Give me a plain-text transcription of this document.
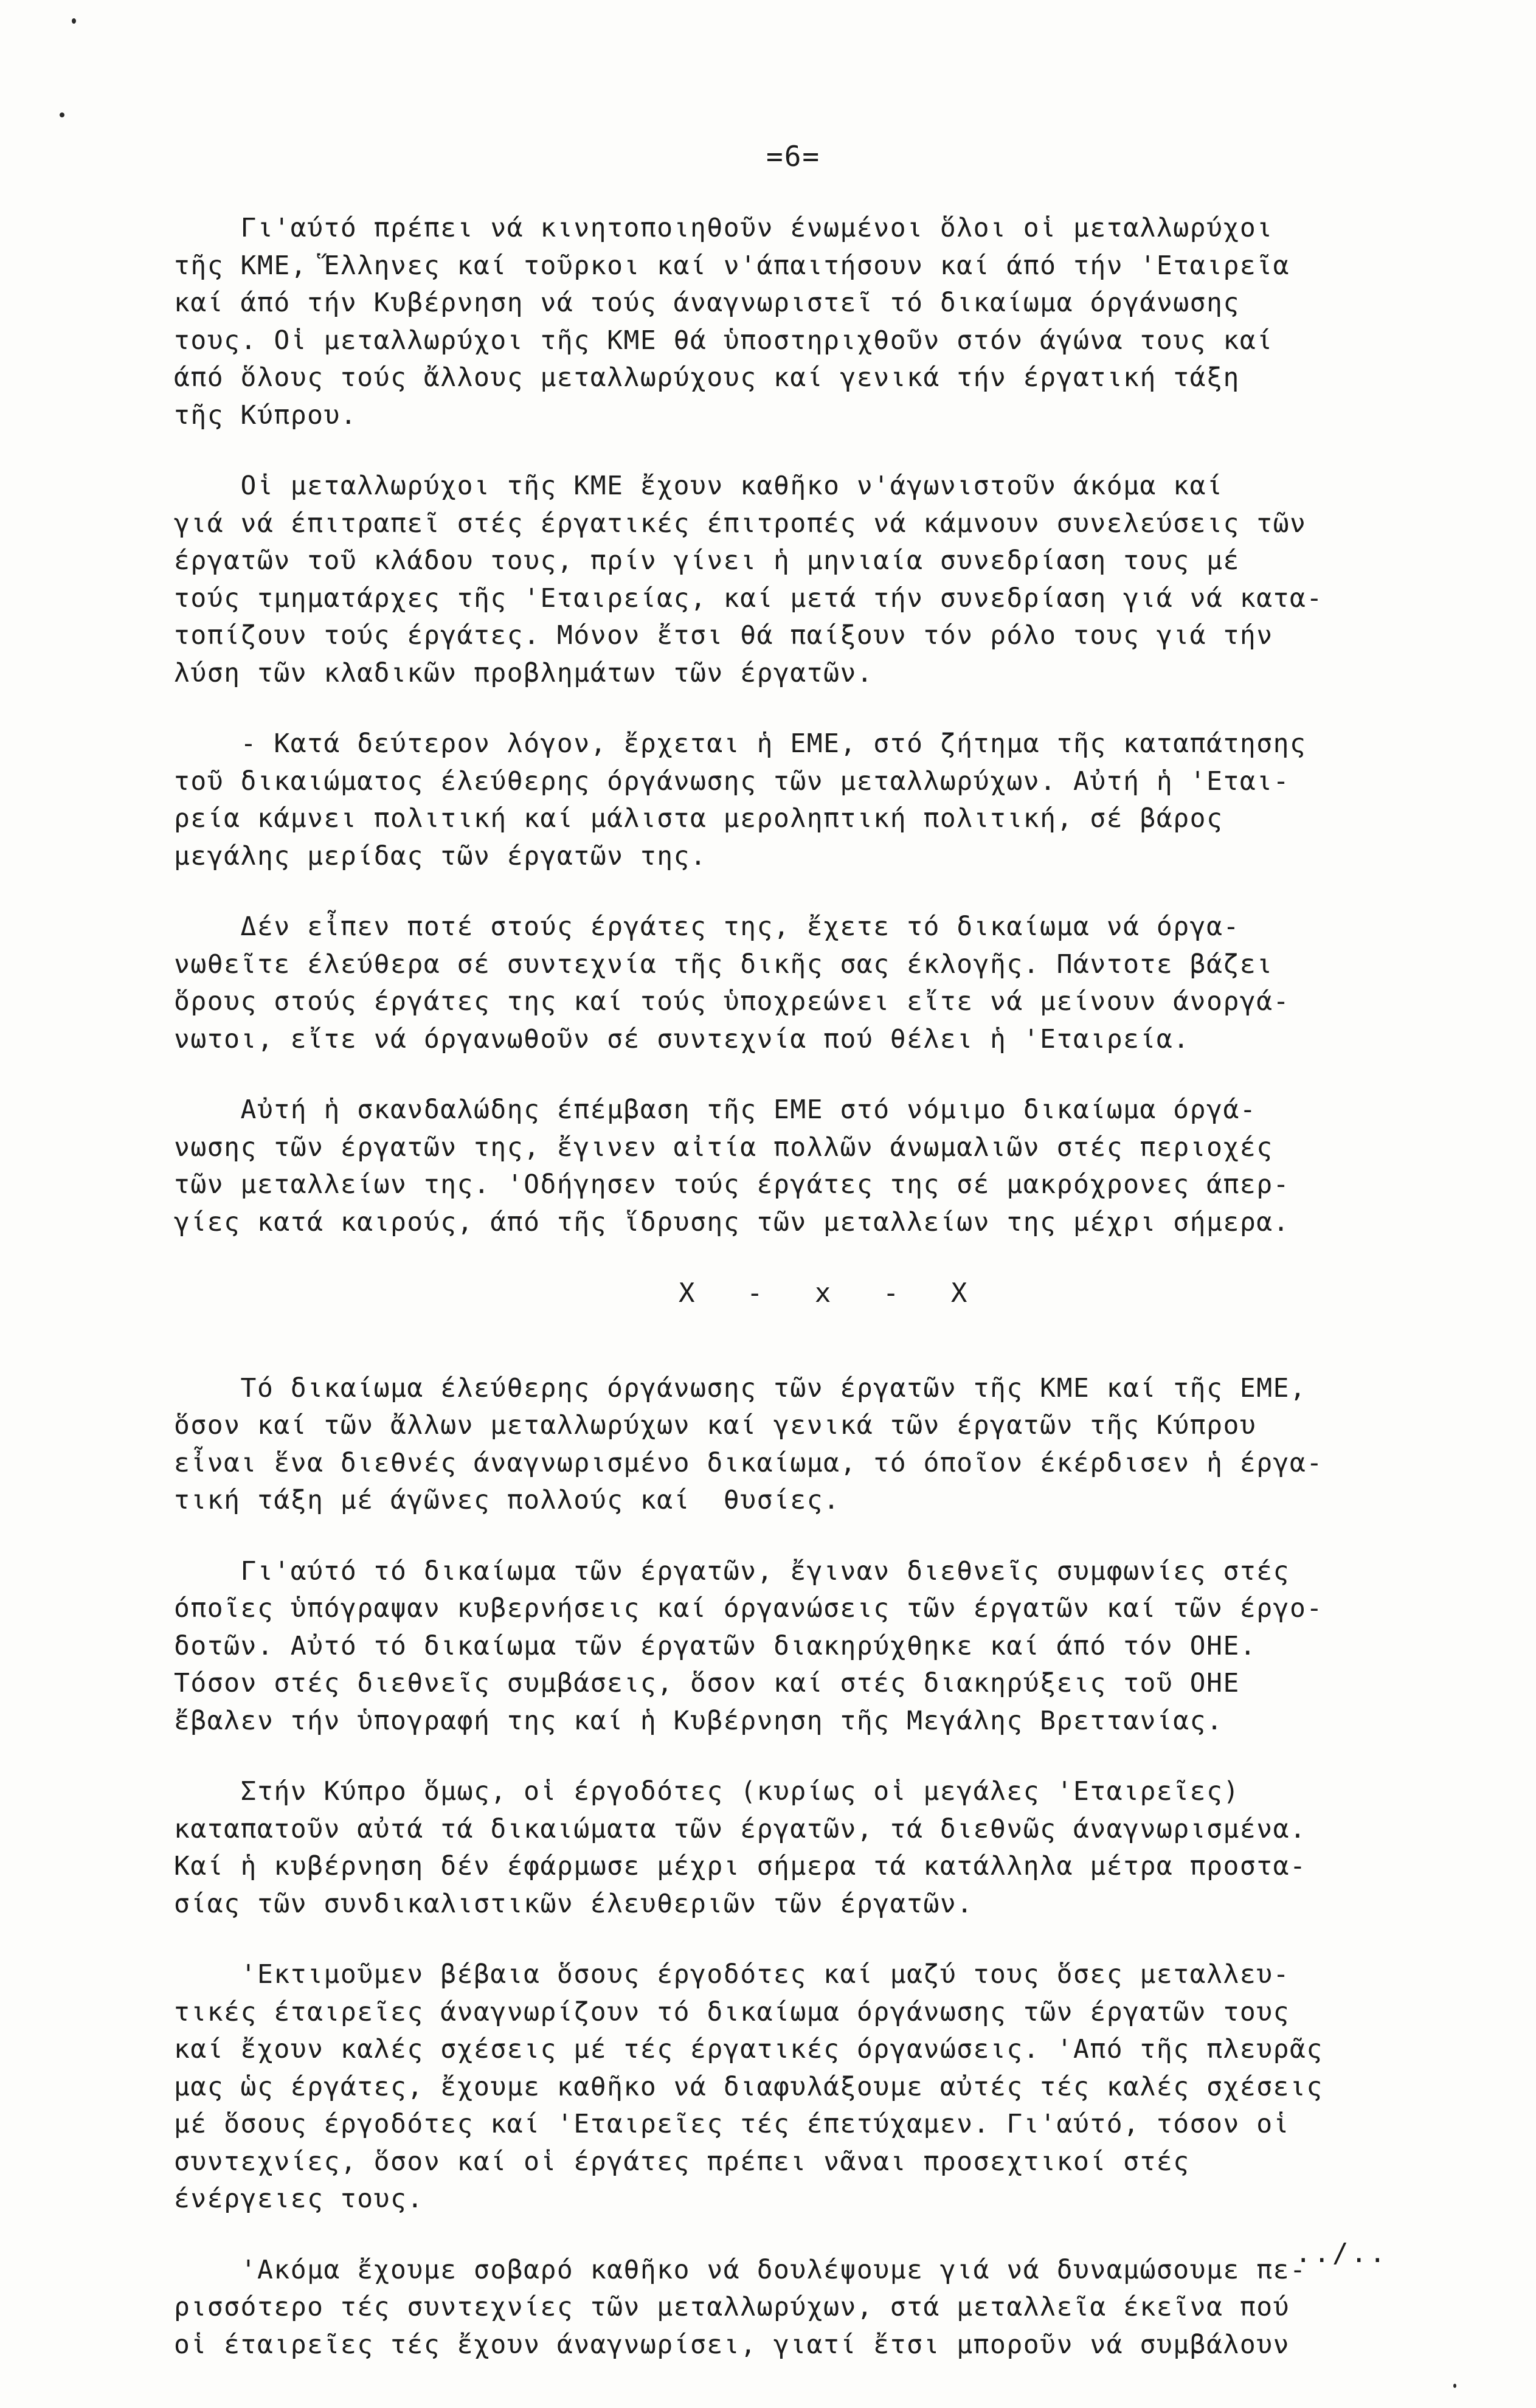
=6=
Γι'αύτό πρέπει νά κινητοποιηθοῦν ένωμένοι ὅλοι οἱ μεταλλωρύχοι
τῆς ΚΜΕ, Ἕλληνες καί τοῦρκοι καί ν'άπαιτήσουν καί άπό τήν 'Εταιρεῖα
καί άπό τήν Κυβέρνηση νά τούς άναγνωριστεῖ τό δικαίωμα όργάνωσης
τους. Οἱ μεταλλωρύχοι τῆς ΚΜΕ θά ὑποστηριχθοῦν στόν άγώνα τους καί
άπό ὅλους τούς ἄλλους μεταλλωρύχους καί γενικά τήν έργατική τάξη
τῆς Κύπρου.
Οἱ μεταλλωρύχοι τῆς ΚΜΕ ἔχουν καθῆκο ν'άγωνιστοῦν άκόμα καί
γιά νά έπιτραπεῖ στές έργατικές έπιτροπές νά κάμνουν συνελεύσεις τῶν
έργατῶν τοῦ κλάδου τους, πρίν γίνει ἡ μηνιαία συνεδρίαση τους μέ
τούς τμηματάρχες τῆς 'Εταιρείας, καί μετά τήν συνεδρίαση γιά νά κατα-
τοπίζουν τούς έργάτες. Μόνον ἔτσι θά παίξουν τόν ρόλο τους γιά τήν
λύση τῶν κλαδικῶν προβλημάτων τῶν έργατῶν.
- Κατά δεύτερον λόγον, ἔρχεται ἡ ΕΜΕ, στό ζήτημα τῆς καταπάτησης
τοῦ δικαιώματος έλεύθερης όργάνωσης τῶν μεταλλωρύχων. Αὐτή ἡ 'Εται-
ρεία κάμνει πολιτική καί μάλιστα μεροληπτική πολιτική, σέ βάρος
μεγάλης μερίδας τῶν έργατῶν της.
Δέν εἶπεν ποτέ στούς έργάτες της, ἔχετε τό δικαίωμα νά όργα-
νωθεῖτε έλεύθερα σέ συντεχνία τῆς δικῆς σας έκλογῆς. Πάντοτε βάζει
ὅρους στούς έργάτες της καί τούς ὑποχρεώνει εἴτε νά μείνουν άνοργά-
νωτοι, εἴτε νά όργανωθοῦν σέ συντεχνία πού θέλει ἡ 'Εταιρεία.
Αὐτή ἡ σκανδαλώδης έπέμβαση τῆς ΕΜΕ στό νόμιμο δικαίωμα όργά-
νωσης τῶν έργατῶν της, ἔγινεν αἰτία πολλῶν άνωμαλιῶν στές περιοχές
τῶν μεταλλείων της. 'Οδήγησεν τούς έργάτες της σέ μακρόχρονες άπερ-
γίες κατά καιρούς, άπό τῆς ἵδρυσης τῶν μεταλλείων της μέχρι σήμερα.
X   -   x   -   X
Τό δικαίωμα έλεύθερης όργάνωσης τῶν έργατῶν τῆς ΚΜΕ καί τῆς ΕΜΕ,
ὅσον καί τῶν ἄλλων μεταλλωρύχων καί γενικά τῶν έργατῶν τῆς Κύπρου
εἶναι ἕνα διεθνές άναγνωρισμένο δικαίωμα, τό όποῖον έκέρδισεν ἡ έργα-
τική τάξη μέ άγῶνες πολλούς καί  θυσίες.
Γι'αύτό τό δικαίωμα τῶν έργατῶν, ἔγιναν διεθνεῖς συμφωνίες στές
όποῖες ὑπόγραψαν κυβερνήσεις καί όργανώσεις τῶν έργατῶν καί τῶν έργο-
δοτῶν. Αὐτό τό δικαίωμα τῶν έργατῶν διακηρύχθηκε καί άπό τόν ΟΗΕ.
Τόσον στές διεθνεῖς συμβάσεις, ὅσον καί στές διακηρύξεις τοῦ ΟΗΕ
ἔβαλεν τήν ὑπογραφή της καί ἡ Κυβέρνηση τῆς Μεγάλης Βρεττανίας.
Στήν Κύπρο ὅμως, οἱ έργοδότες (κυρίως οἱ μεγάλες 'Εταιρεῖες)
καταπατοῦν αὐτά τά δικαιώματα τῶν έργατῶν, τά διεθνῶς άναγνωρισμένα.
Καί ἡ κυβέρνηση δέν έφάρμωσε μέχρι σήμερα τά κατάλληλα μέτρα προστα-
σίας τῶν συνδικαλιστικῶν έλευθεριῶν τῶν έργατῶν.
'Εκτιμοῦμεν βέβαια ὅσους έργοδότες καί μαζύ τους ὅσες μεταλλευ-
τικές έταιρεῖες άναγνωρίζουν τό δικαίωμα όργάνωσης τῶν έργατῶν τους
καί ἔχουν καλές σχέσεις μέ τές έργατικές όργανώσεις. 'Από τῆς πλευρᾶς
μας ὡς έργάτες, ἔχουμε καθῆκο νά διαφυλάξουμε αὐτές τές καλές σχέσεις
μέ ὅσους έργοδότες καί 'Εταιρεῖες τές έπετύχαμεν. Γι'αύτό, τόσον οἱ
συντεχνίες, ὅσον καί οἱ έργάτες πρέπει νᾶναι προσεχτικοί στές
ένέργειες τους.
'Ακόμα ἔχουμε σοβαρό καθῆκο νά δουλέψουμε γιά νά δυναμώσουμε πε-
ρισσότερο τές συντεχνίες τῶν μεταλλωρύχων, στά μεταλλεῖα έκεῖνα πού
οἱ έταιρεῖες τές ἔχουν άναγνωρίσει, γιατί ἔτσι μποροῦν νά συμβάλουν
../..
